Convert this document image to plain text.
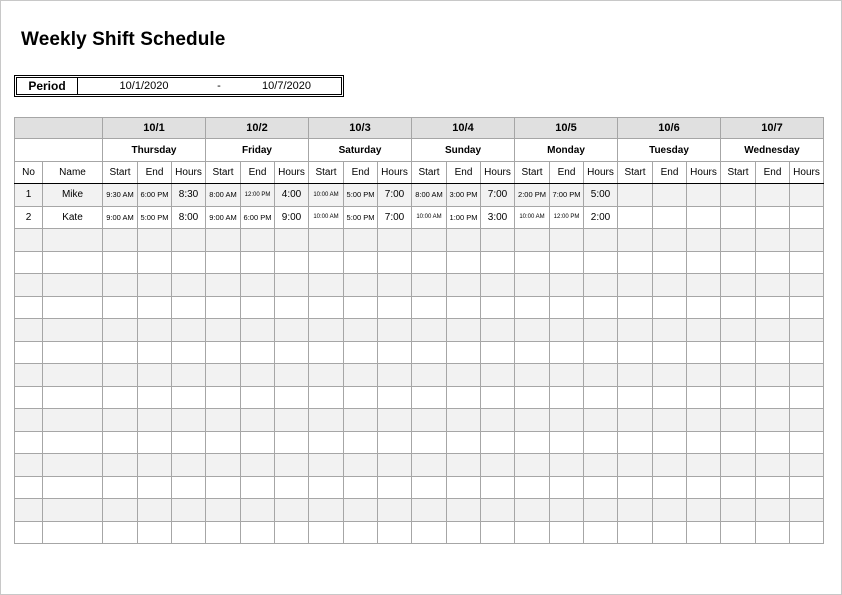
Weekly Shift Schedule
Period	10/1/2020	-	10/7/2020
		10/1			10/2			10/3			10/4			10/5			10/6			10/7		
		Thursday			Friday			Saturday			Sunday			Monday			Tuesday			Wednesday		
No	Name	Start	End	Hours	Start	End	Hours	Start	End	Hours	Start	End	Hours	Start	End	Hours	Start	End	Hours	Start	End	Hours
1	Mike	9:30 AM	6:00 PM	8:30	8:00 AM	12:00 PM	4:00	10:00 AM	5:00 PM	7:00	8:00 AM	3:00 PM	7:00	2:00 PM	7:00 PM	5:00						
2	Kate	9:00 AM	5:00 PM	8:00	9:00 AM	6:00 PM	9:00	10:00 AM	5:00 PM	7:00	10:00 AM	1:00 PM	3:00	10:00 AM	12:00 PM	2:00						
